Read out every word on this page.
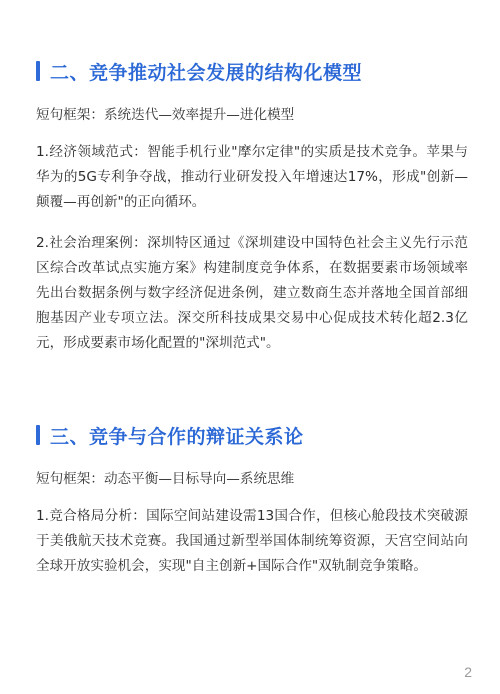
二、竞争推动社会发展的结构化模型
短句框架：系统迭代—效率提升—进化模型

1.经济领域范式：智能手机行业"摩尔定律"的实质是技术竞争。苹果与华为的5G专利争夺战，推动行业研发投入年增速达17%，形成"创新—颠覆—再创新"的正向循环。

2.社会治理案例：深圳特区通过《深圳建设中国特色社会主义先行示范区综合改革试点实施方案》构建制度竞争体系，在数据要素市场领域率先出台数据条例与数字经济促进条例，建立数商生态并落地全国首部细胞基因产业专项立法。深交所科技成果交易中心促成技术转化超2.3亿元，形成要素市场化配置的"深圳范式"。

三、竞争与合作的辩证关系论
短句框架：动态平衡—目标导向—系统思维

1.竞合格局分析：国际空间站建设需13国合作，但核心舱段技术突破源于美俄航天技术竞赛。我国通过新型举国体制统筹资源，天宫空间站向全球开放实验机会，实现"自主创新+国际合作"双轨制竞争策略。

2
